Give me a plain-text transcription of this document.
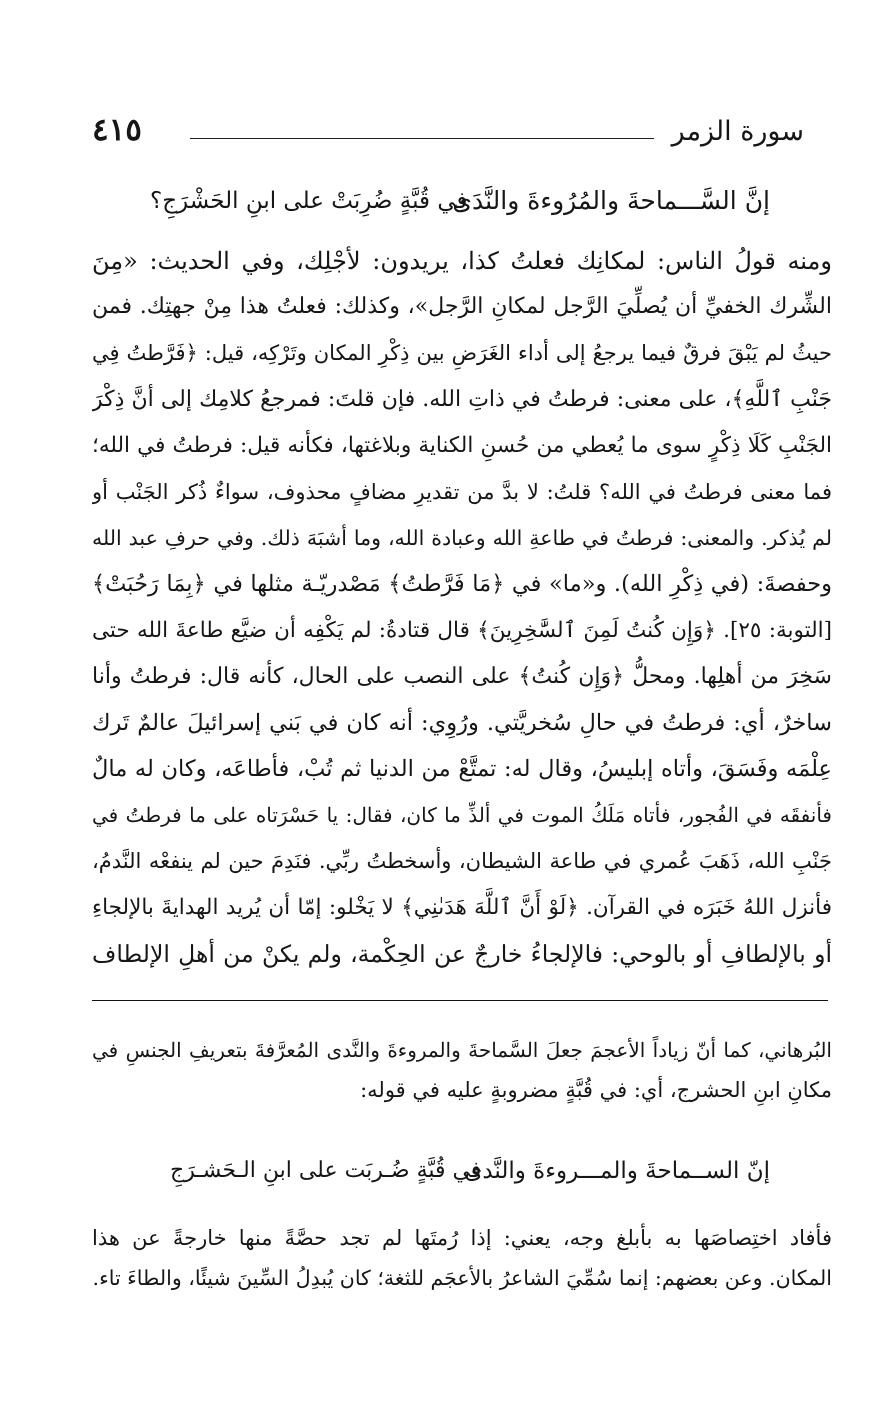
سورة الزمر
٤١٥
إنَّ السَّـــماحةَ والمُرُوءةَ والنَّدَى
في قُبَّةٍ ضُرِبَتْ على ابنِ الحَشْرَجِ؟
ومنه قولُ الناس: لمكانِك فعلتُ كذا، يريدون: لأجْلِك، وفي الحديث: «مِنَ
الشِّرك الخفيِّ أن يُصلِّيَ الرَّجل لمكانِ الرَّجل»، وكذلك: فعلتُ هذا مِنْ جهتِك. فمن
حيثُ لم يَبْقَ فرقٌ فيما يرجعُ إلى أداء الغَرَضِ بين ذِكْرِ المكان وتَرْكِه، قيل: ﴿فَرَّطتُ فِي
جَنْبِ ٱللَّهِ﴾، على معنى: فرطتُ في ذاتِ الله. فإن قلتَ: فمرجعُ كلامِك إلى أنَّ ذِكْرَ
الجَنْبِ كَلَا ذِكْرٍ سوى ما يُعطي من حُسنِ الكناية وبلاغتها، فكأنه قيل: فرطتُ في الله؛
فما معنى فرطتُ في الله؟ قلتُ: لا بدَّ من تقديرِ مضافٍ محذوف، سواءٌ ذُكر الجَنْب أو
لم يُذكر. والمعنى: فرطتُ في طاعةِ الله وعبادة الله، وما أشبَهَ ذلك. وفي حرفِ عبد الله
وحفصةَ: (في ذِكْرِ الله). و«ما» في ﴿مَا فَرَّطتُ﴾ مَصْدريّـة مثلها في ﴿بِمَا رَحُبَتْ﴾
[التوبة: ٢٥]. ﴿وَإِن كُنتُ لَمِنَ ٱلسَّٰخِرِينَ﴾ قال قتادةُ: لم يَكْفِه أن ضيَّع طاعةَ الله حتى
سَخِرَ من أهلِها. ومحلُّ ﴿وَإِن كُنتُ﴾ على النصب على الحال، كأنه قال: فرطتُ وأنا
ساخرٌ، أي: فرطتُ في حالِ سُخريَّتي. ورُوِي: أنه كان في بَني إسرائيلَ عالمٌ تَرك
عِلْمَه وفَسَقَ، وأتاه إبليسُ، وقال له: تمتَّعْ من الدنيا ثم تُبْ، فأطاعَه، وكان له مالٌ
فأنفقَه في الفُجور، فأتاه مَلَكُ الموت في ألذِّ ما كان، فقال: يا حَسْرَتاه على ما فرطتُ في
جَنْبِ الله، ذَهَبَ عُمري في طاعة الشيطان، وأسخطتُ ربِّي. فنَدِمَ حين لم ينفعْه النَّدمُ،
فأنزل اللهُ خَبَرَه في القرآن. ﴿لَوْ أَنَّ ٱللَّهَ هَدَىٰنِي﴾ لا يَخْلو: إمّا أن يُريد الهدايةَ بالإلجاءِ
أو بالإلطافِ أو بالوحي: فالإلجاءُ خارجٌ عن الحِكْمة، ولم يكنْ من أهلِ الإلطاف
البُرهاني، كما أنّ زياداً الأعجمَ جعلَ السَّماحةَ والمروءةَ والنَّدى المُعرَّفةَ بتعريفِ الجنسِ في
مكانِ ابنِ الحشرج، أي: في قُبَّةٍ مضروبةٍ عليه في قوله:
إنّ الســماحةَ والمـــروءةَ والنَّدى
في قُبَّةٍ ضُـربَت على ابنِ الـحَشـرَجِ
فأفاد اختِصاصَها به بأبلغ وجه، يعني: إذا رُمتَها لم تجد حصَّةً منها خارجةً عن هذا
المكان. وعن بعضهم: إنما سُمِّيَ الشاعرُ بالأعجَم للثغة؛ كان يُبدِلُ السِّينَ شيئًا، والطاءَ تاء.
